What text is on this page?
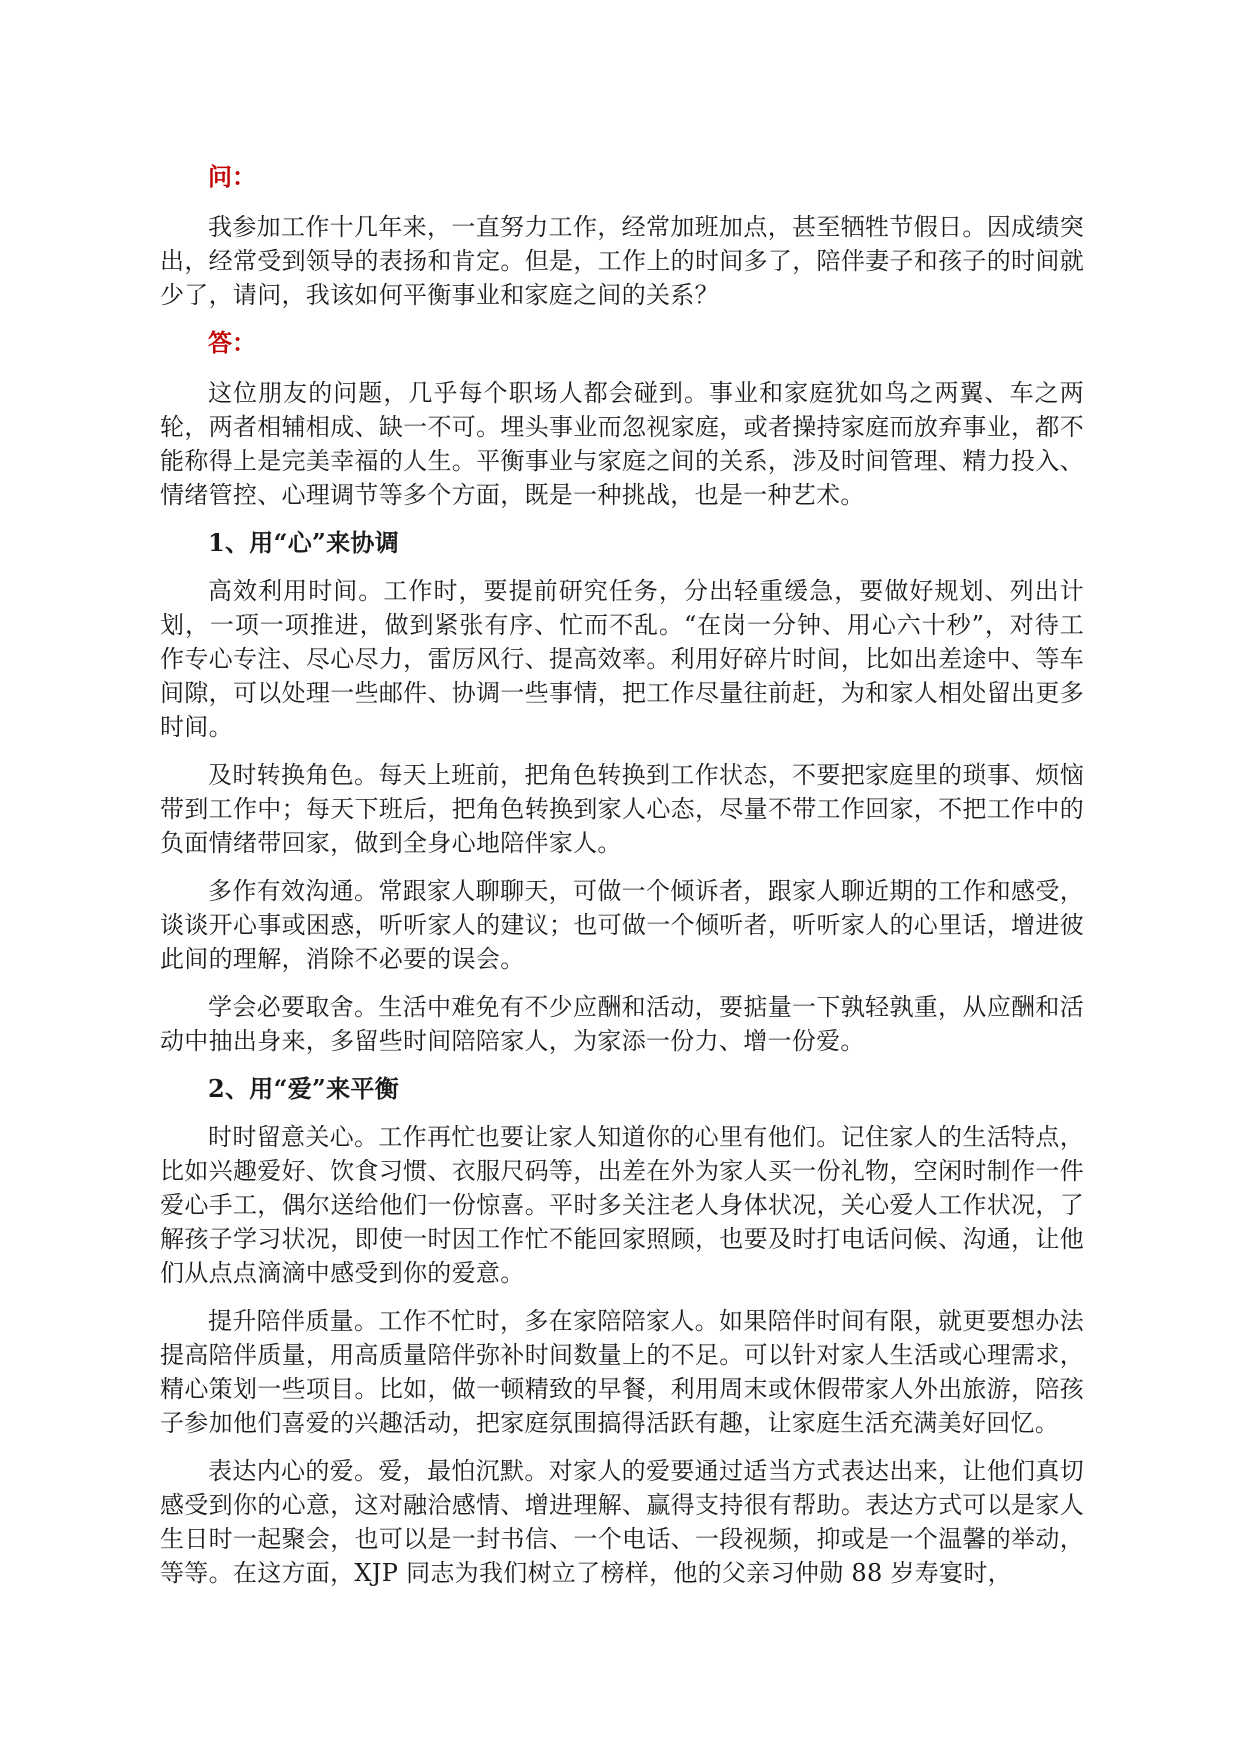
问：

我参加工作十几年来，一直努力工作，经常加班加点，甚至牺牲节假日。因成绩突出，经常受到领导的表扬和肯定。但是，工作上的时间多了，陪伴妻子和孩子的时间就少了，请问，我该如何平衡事业和家庭之间的关系？

答：

这位朋友的问题，几乎每个职场人都会碰到。事业和家庭犹如鸟之两翼、车之两轮，两者相辅相成、缺一不可。埋头事业而忽视家庭，或者操持家庭而放弃事业，都不能称得上是完美幸福的人生。平衡事业与家庭之间的关系，涉及时间管理、精力投入、情绪管控、心理调节等多个方面，既是一种挑战，也是一种艺术。

1、用“心”来协调

高效利用时间。工作时，要提前研究任务，分出轻重缓急，要做好规划、列出计划，一项一项推进，做到紧张有序、忙而不乱。“在岗一分钟、用心六十秒”，对待工作专心专注、尽心尽力，雷厉风行、提高效率。利用好碎片时间，比如出差途中、等车间隙，可以处理一些邮件、协调一些事情，把工作尽量往前赶，为和家人相处留出更多时间。

及时转换角色。每天上班前，把角色转换到工作状态，不要把家庭里的琐事、烦恼带到工作中；每天下班后，把角色转换到家人心态，尽量不带工作回家，不把工作中的负面情绪带回家，做到全身心地陪伴家人。

多作有效沟通。常跟家人聊聊天，可做一个倾诉者，跟家人聊近期的工作和感受，谈谈开心事或困惑，听听家人的建议；也可做一个倾听者，听听家人的心里话，增进彼此间的理解，消除不必要的误会。

学会必要取舍。生活中难免有不少应酬和活动，要掂量一下孰轻孰重，从应酬和活动中抽出身来，多留些时间陪陪家人，为家添一份力、增一份爱。

2、用“爱”来平衡

时时留意关心。工作再忙也要让家人知道你的心里有他们。记住家人的生活特点，比如兴趣爱好、饮食习惯、衣服尺码等，出差在外为家人买一份礼物，空闲时制作一件爱心手工，偶尔送给他们一份惊喜。平时多关注老人身体状况，关心爱人工作状况，了解孩子学习状况，即使一时因工作忙不能回家照顾，也要及时打电话问候、沟通，让他们从点点滴滴中感受到你的爱意。

提升陪伴质量。工作不忙时，多在家陪陪家人。如果陪伴时间有限，就更要想办法提高陪伴质量，用高质量陪伴弥补时间数量上的不足。可以针对家人生活或心理需求，精心策划一些项目。比如，做一顿精致的早餐，利用周末或休假带家人外出旅游，陪孩子参加他们喜爱的兴趣活动，把家庭氛围搞得活跃有趣，让家庭生活充满美好回忆。

表达内心的爱。爱，最怕沉默。对家人的爱要通过适当方式表达出来，让他们真切感受到你的心意，这对融洽感情、增进理解、赢得支持很有帮助。表达方式可以是家人生日时一起聚会，也可以是一封书信、一个电话、一段视频，抑或是一个温馨的举动，等等。在这方面，XJP 同志为我们树立了榜样，他的父亲习仲勋 88 岁寿宴时，
